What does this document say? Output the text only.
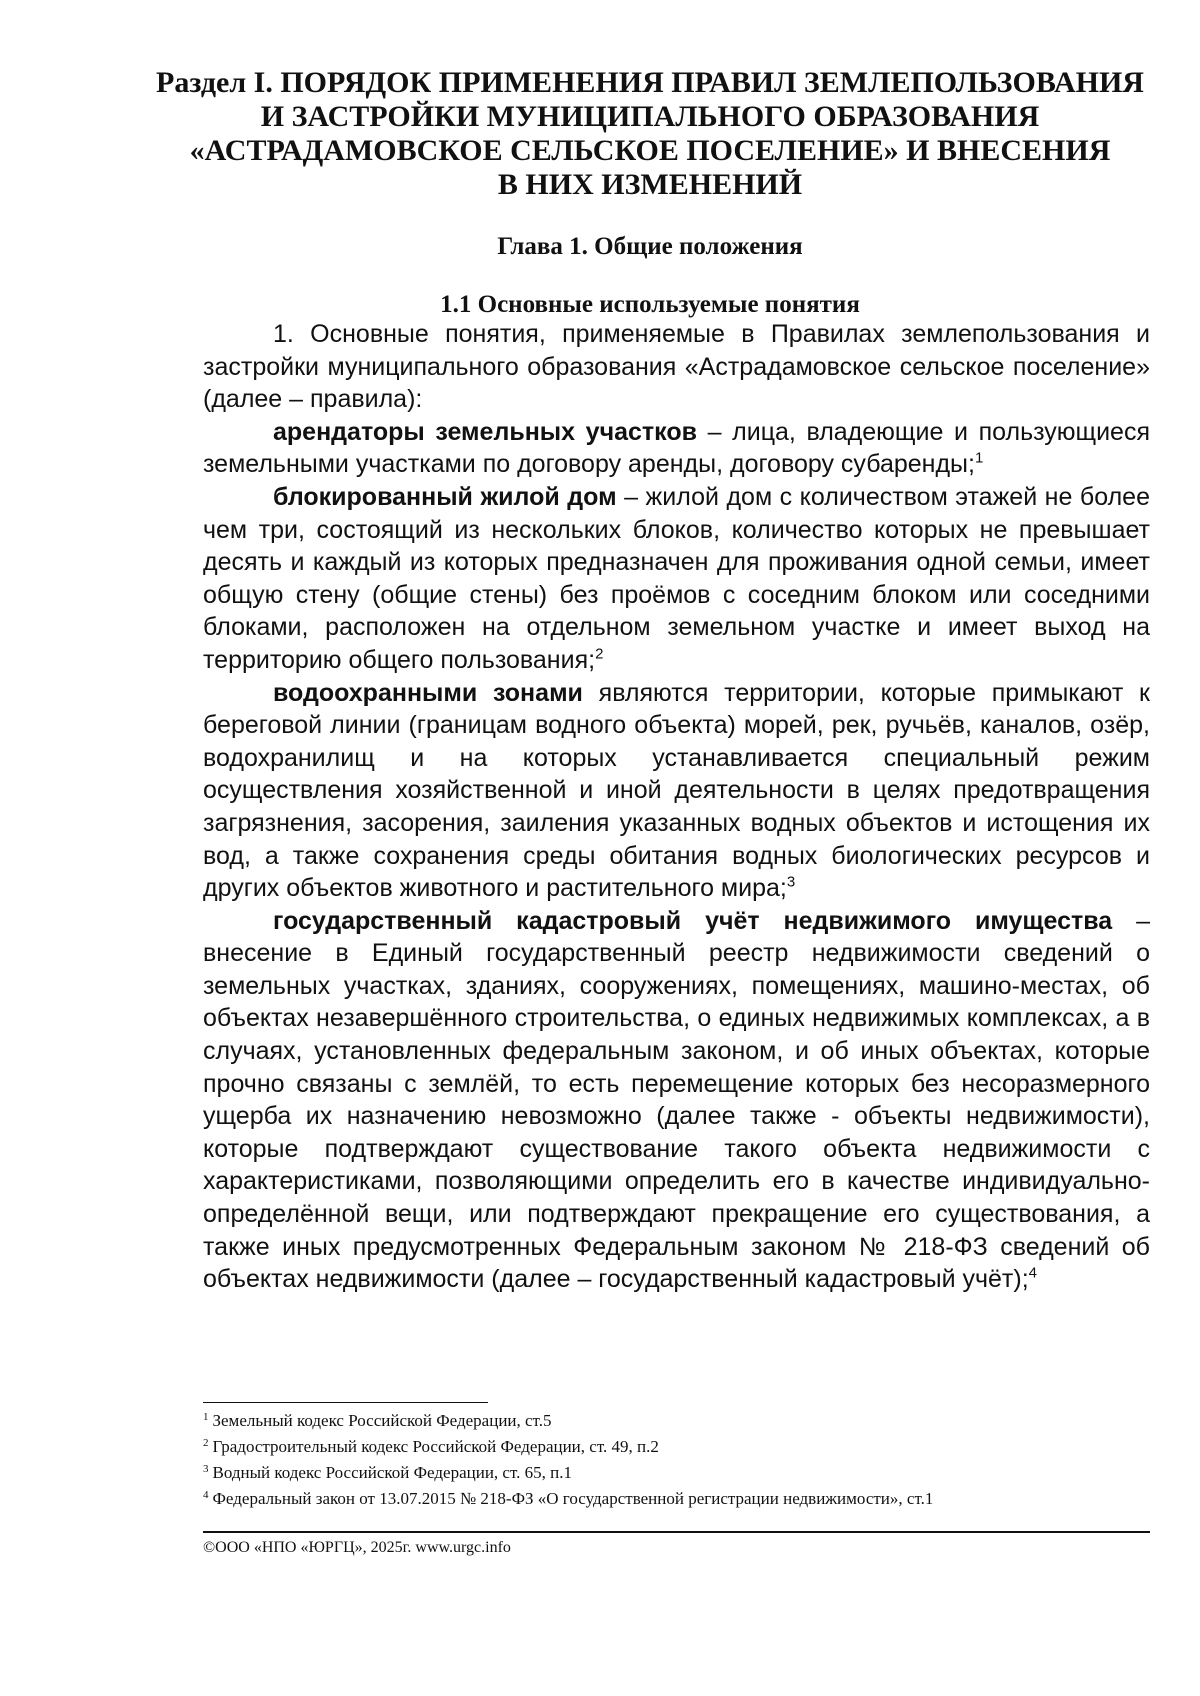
Раздел I. ПОРЯДОК ПРИМЕНЕНИЯ ПРАВИЛ ЗЕМЛЕПОЛЬЗОВАНИЯ
И ЗАСТРОЙКИ МУНИЦИПАЛЬНОГО ОБРАЗОВАНИЯ
«АСТРАДАМОВСКОЕ СЕЛЬСКОЕ ПОСЕЛЕНИЕ» И ВНЕСЕНИЯ
В НИХ ИЗМЕНЕНИЙ
Глава 1. Общие положения
1.1 Основные используемые понятия

1. Основные понятия, применяемые в Правилах землепользования и застройки муниципального образования «Астрадамовское сельское поселение» (далее – правила):

арендаторы земельных участков – лица, владеющие и пользующиеся земельными участками по договору аренды, договору субаренды;$^1$

блокированный жилой дом – жилой дом с количеством этажей не более чем три, состоящий из нескольких блоков, количество которых не превышает десять и каждый из которых предназначен для проживания одной семьи, имеет общую стену (общие стены) без проёмов с соседним блоком или соседними блоками, расположен на отдельном земельном участке и имеет выход на территорию общего пользования;$^2$

водоохранными зонами являются территории, которые примыкают к береговой линии (границам водного объекта) морей, рек, ручьёв, каналов, озёр, водохранилищ и на которых устанавливается специальный режим осуществления хозяйственной и иной деятельности в целях предотвращения загрязнения, засорения, заиления указанных водных объектов и истощения их вод, а также сохранения среды обитания водных биологических ресурсов и других объектов животного и растительного мира;$^3$

государственный кадастровый учёт недвижимого имущества – внесение в Единый государственный реестр недвижимости сведений о земельных участках, зданиях, сооружениях, помещениях, машино-местах, об объектах незавершённого строительства, о единых недвижимых комплексах, а в случаях, установленных федеральным законом, и об иных объектах, которые прочно связаны с землёй, то есть перемещение которых без несоразмерного ущерба их назначению невозможно (далее также - объекты недвижимости), которые подтверждают существование такого объекта недвижимости с характеристиками, позволяющими определить его в качестве индивидуально-определённой вещи, или подтверждают прекращение его существования, а также иных предусмотренных Федеральным законом № 218-ФЗ сведений об объектах недвижимости (далее – государственный кадастровый учёт);$^4$

$^1$ Земельный кодекс Российской Федерации, ст.5
$^2$ Градостроительный кодекс Российской Федерации, ст. 49, п.2
$^3$ Водный кодекс Российской Федерации, ст. 65, п.1
$^4$ Федеральный закон от 13.07.2015 № 218-ФЗ «О государственной регистрации недвижимости», ст.1
©ООО «НПО «ЮРГЦ», 2025г. www.urgc.info
